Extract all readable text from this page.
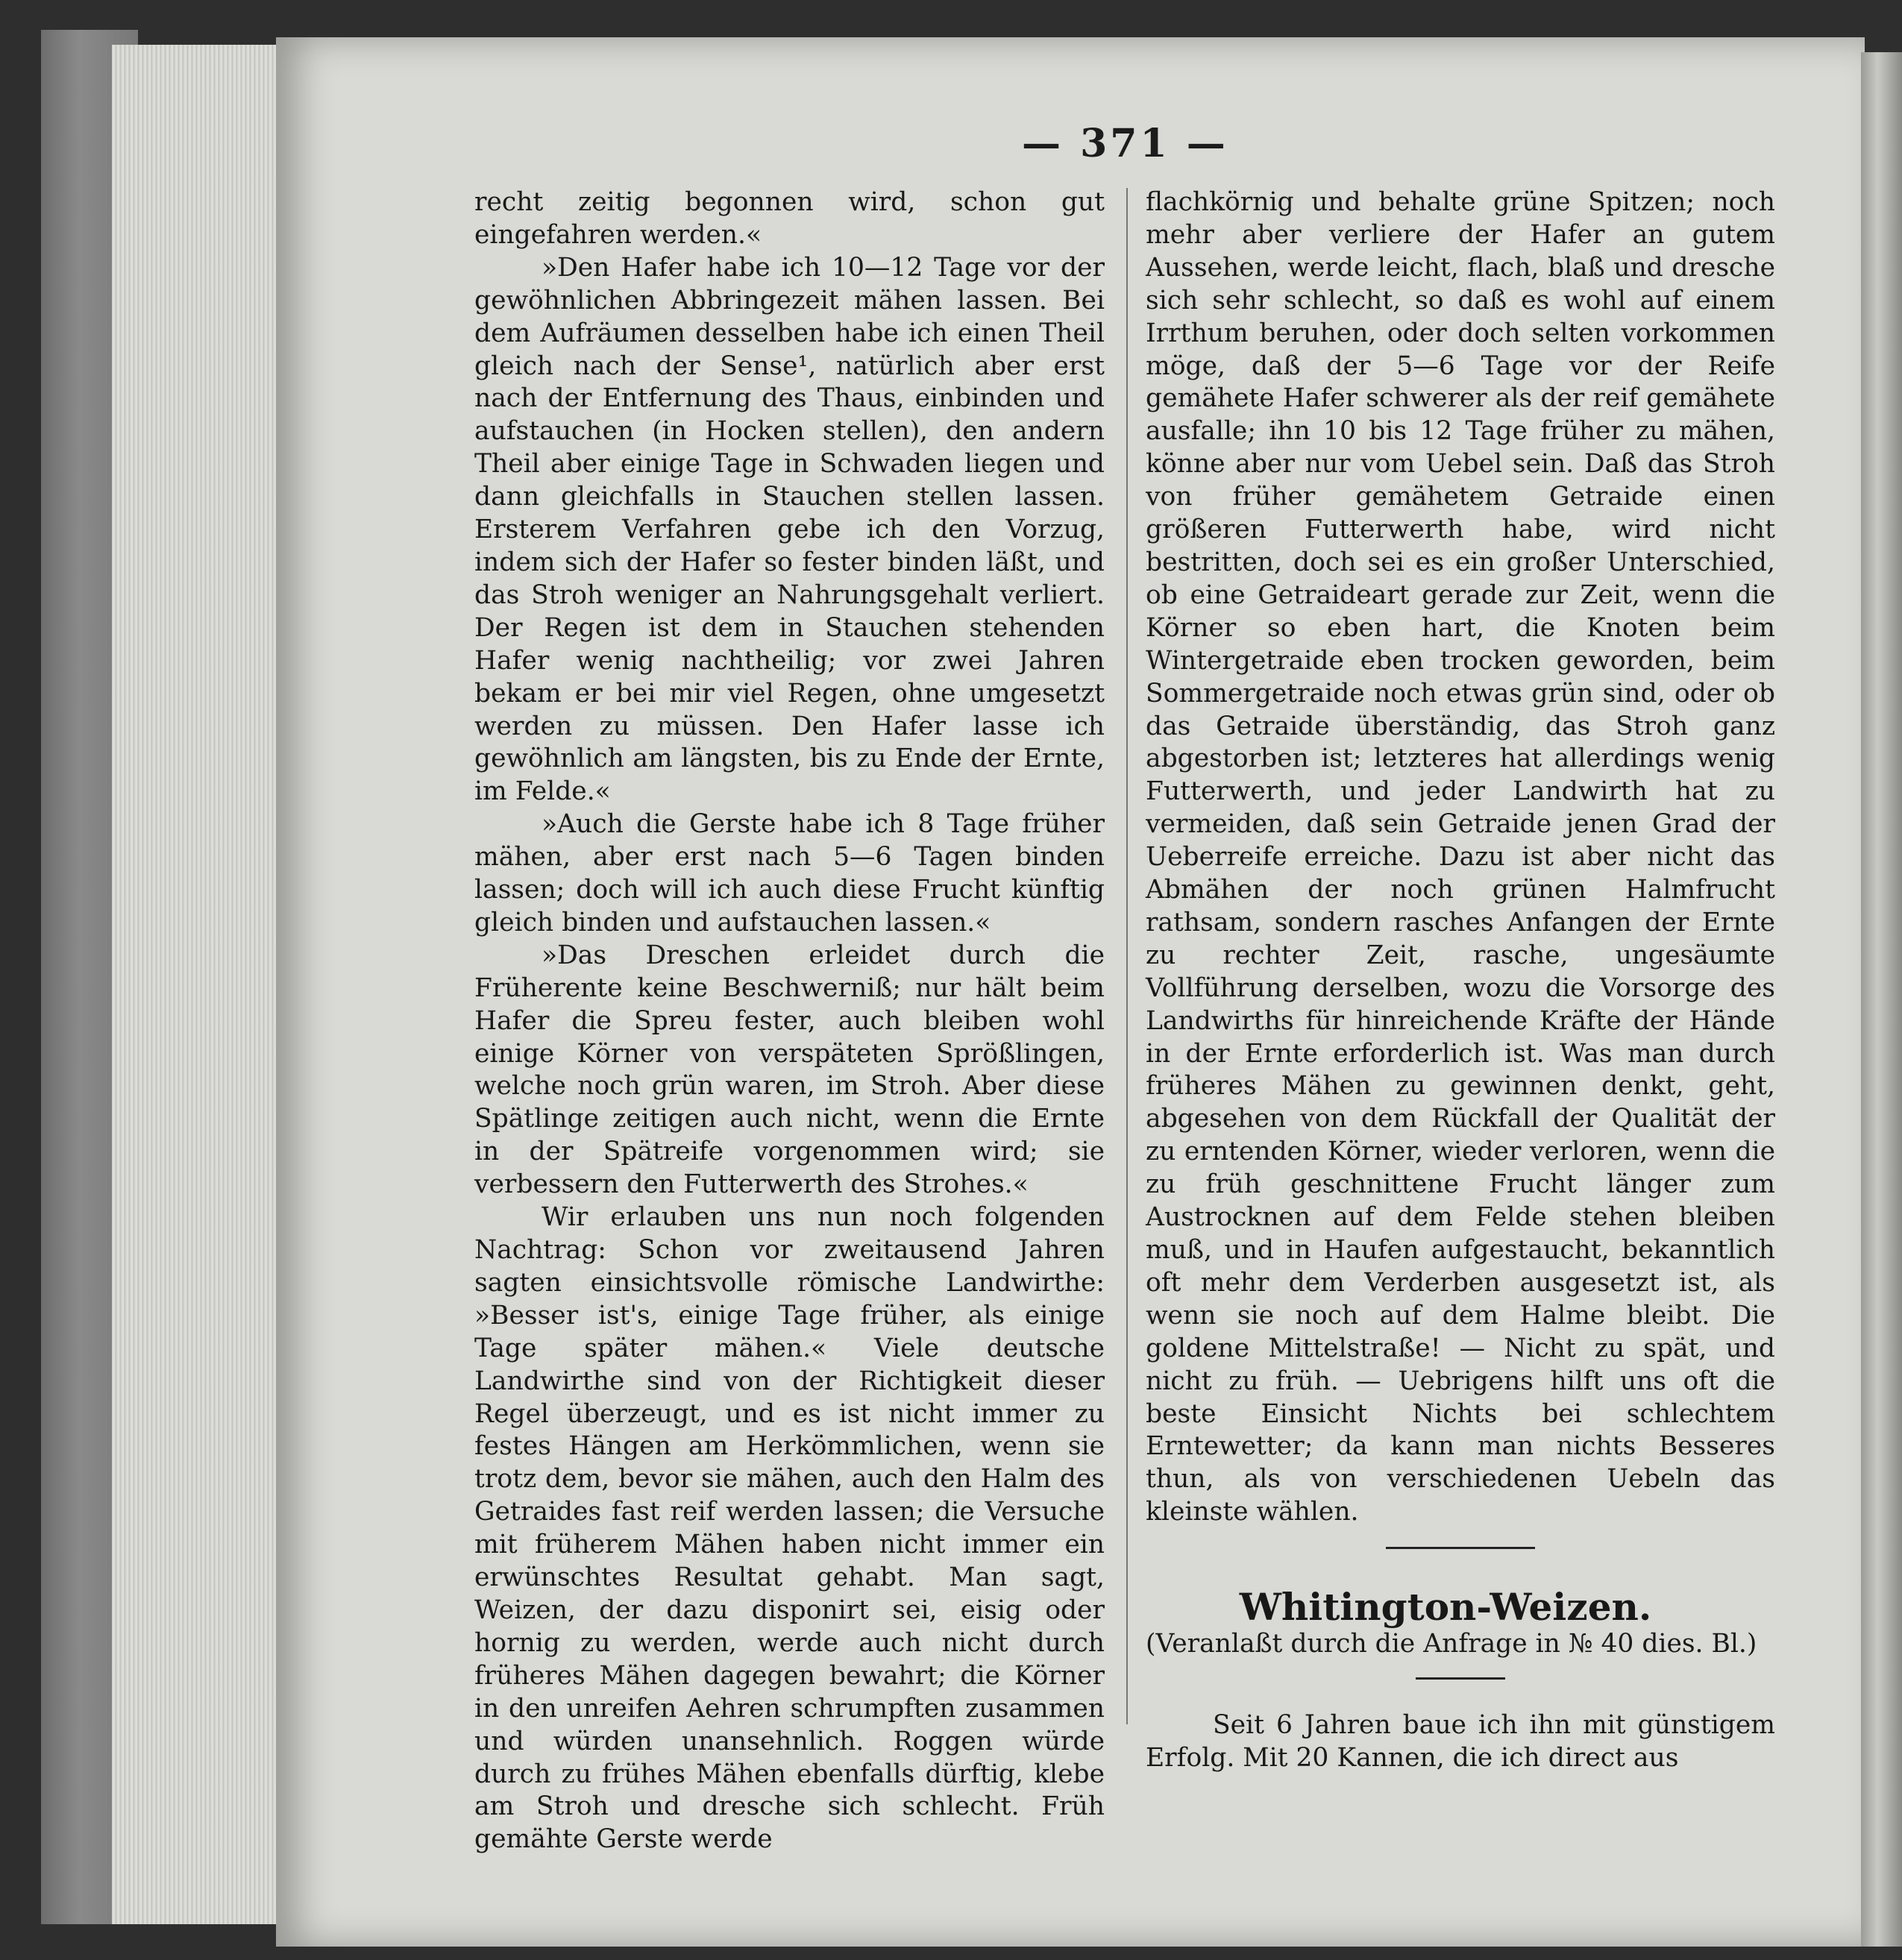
— 371 —

recht zeitig begonnen wird, schon gut eingefahren werden.«

»Den Hafer habe ich 10—12 Tage vor der gewöhnlichen Abbringezeit mähen lassen. Bei dem Aufräumen desselben habe ich einen Theil gleich nach der Sense¹, natürlich aber erst nach der Entfernung des Thaus, einbinden und aufstauchen (in Hocken stellen), den andern Theil aber einige Tage in Schwaden liegen und dann gleichfalls in Stauchen stellen lassen. Ersterem Verfahren gebe ich den Vorzug, indem sich der Hafer so fester binden läßt, und das Stroh weniger an Nahrungsgehalt verliert. Der Regen ist dem in Stauchen stehenden Hafer wenig nachtheilig; vor zwei Jahren bekam er bei mir viel Regen, ohne umgesetzt werden zu müssen. Den Hafer lasse ich gewöhnlich am längsten, bis zu Ende der Ernte, im Felde.«

»Auch die Gerste habe ich 8 Tage früher mähen, aber erst nach 5—6 Tagen binden lassen; doch will ich auch diese Frucht künftig gleich binden und aufstauchen lassen.«

»Das Dreschen erleidet durch die Früherente keine Beschwerniß; nur hält beim Hafer die Spreu fester, auch bleiben wohl einige Körner von verspäteten Sprößlingen, welche noch grün waren, im Stroh. Aber diese Spätlinge zeitigen auch nicht, wenn die Ernte in der Spätreife vorgenommen wird; sie verbessern den Futterwerth des Strohes.«

Wir erlauben uns nun noch folgenden Nachtrag: Schon vor zweitausend Jahren sagten einsichtsvolle römische Landwirthe: »Besser ist's, einige Tage früher, als einige Tage später mähen.« Viele deutsche Landwirthe sind von der Richtigkeit dieser Regel überzeugt, und es ist nicht immer zu festes Hängen am Herkömmlichen, wenn sie trotz dem, bevor sie mähen, auch den Halm des Getraides fast reif werden lassen; die Versuche mit früherem Mähen haben nicht immer ein erwünschtes Resultat gehabt. Man sagt, Weizen, der dazu disponirt sei, eisig oder hornig zu werden, werde auch nicht durch früheres Mähen dagegen bewahrt; die Körner in den unreifen Aehren schrumpften zusammen und würden unansehnlich. Roggen würde durch zu frühes Mähen ebenfalls dürftig, klebe am Stroh und dresche sich schlecht. Früh gemähte Gerste werde

flachkörnig und behalte grüne Spitzen; noch mehr aber verliere der Hafer an gutem Aussehen, werde leicht, flach, blaß und dresche sich sehr schlecht, so daß es wohl auf einem Irrthum beruhen, oder doch selten vorkommen möge, daß der 5—6 Tage vor der Reife gemähete Hafer schwerer als der reif gemähete ausfalle; ihn 10 bis 12 Tage früher zu mähen, könne aber nur vom Uebel sein. Daß das Stroh von früher gemähetem Getraide einen größeren Futterwerth habe, wird nicht bestritten, doch sei es ein großer Unterschied, ob eine Getraideart gerade zur Zeit, wenn die Körner so eben hart, die Knoten beim Wintergetraide eben trocken geworden, beim Sommergetraide noch etwas grün sind, oder ob das Getraide überständig, das Stroh ganz abgestorben ist; letzteres hat allerdings wenig Futterwerth, und jeder Landwirth hat zu vermeiden, daß sein Getraide jenen Grad der Ueberreife erreiche. Dazu ist aber nicht das Abmähen der noch grünen Halmfrucht rathsam, sondern rasches Anfangen der Ernte zu rechter Zeit, rasche, ungesäumte Vollführung derselben, wozu die Vorsorge des Landwirths für hinreichende Kräfte der Hände in der Ernte erforderlich ist. Was man durch früheres Mähen zu gewinnen denkt, geht, abgesehen von dem Rückfall der Qualität der zu erntenden Körner, wieder verloren, wenn die zu früh geschnittene Frucht länger zum Austrocknen auf dem Felde stehen bleiben muß, und in Haufen aufgestaucht, bekanntlich oft mehr dem Verderben ausgesetzt ist, als wenn sie noch auf dem Halme bleibt. Die goldene Mittelstraße! — Nicht zu spät, und nicht zu früh. — Uebrigens hilft uns oft die beste Einsicht Nichts bei schlechtem Erntewetter; da kann man nichts Besseres thun, als von verschiedenen Uebeln das kleinste wählen.

Whitington-Weizen.

(Veranlaßt durch die Anfrage in № 40 dies. Bl.)

Seit 6 Jahren baue ich ihn mit günstigem Erfolg. Mit 20 Kannen, die ich direct aus
